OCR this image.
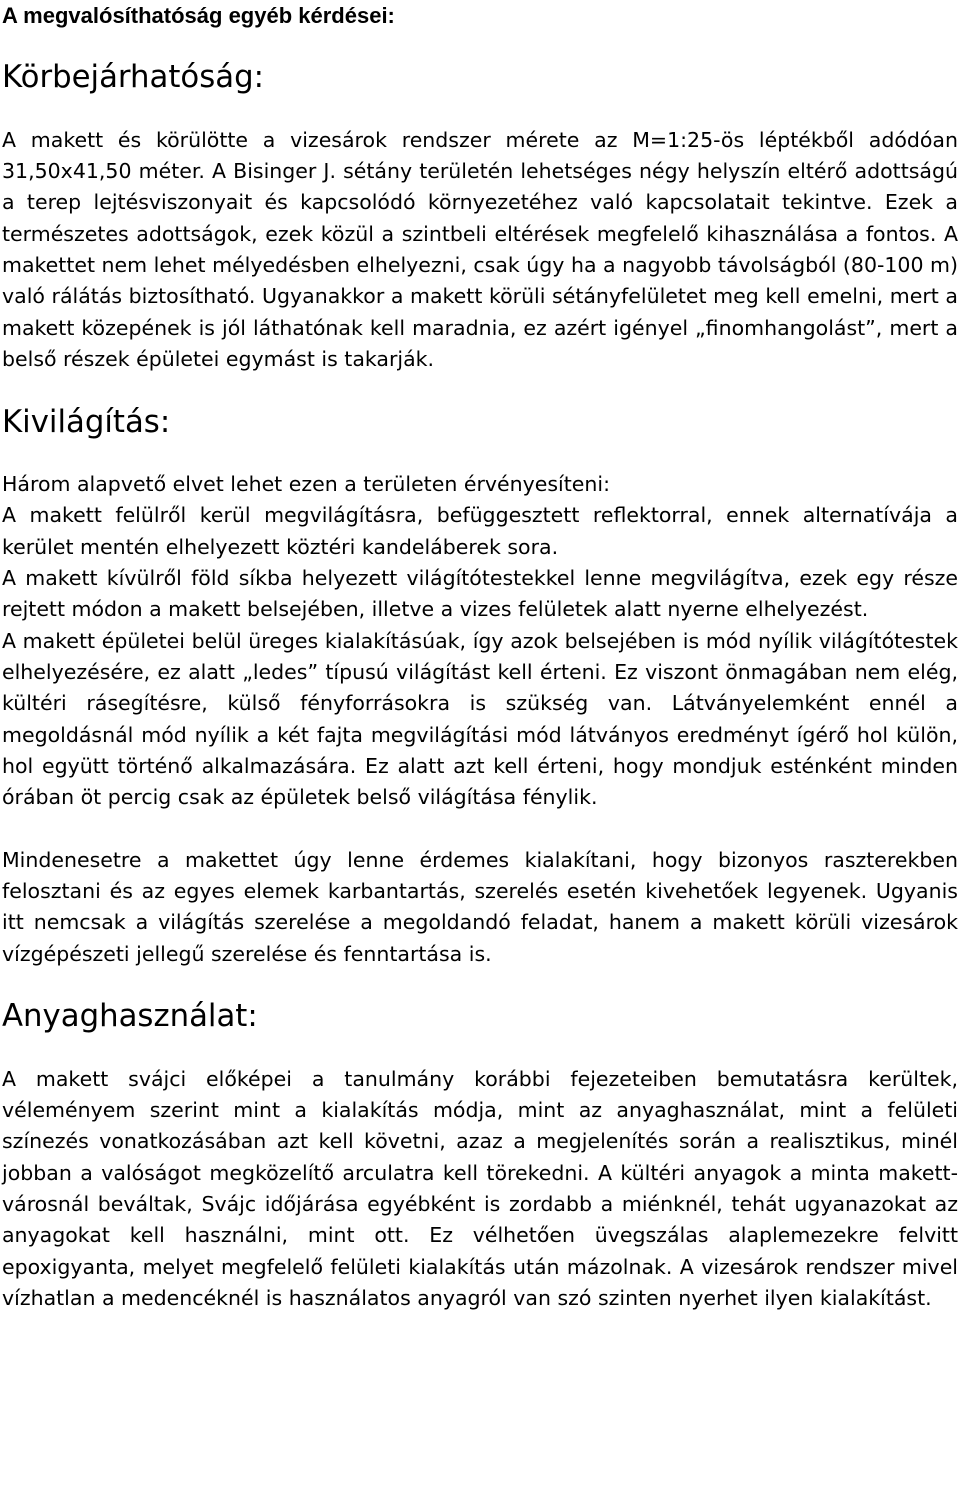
A megvalósíthatóság egyéb kérdései:
Körbejárhatóság:

A makett és körülötte a vizesárok rendszer mérete az M=1:25-ös léptékből adódóan 31,50x41,50 méter. A Bisinger J. sétány területén lehetséges négy helyszín eltérő adottságú a terep lejtésviszonyait és kapcsolódó környezetéhez való kapcsolatait tekintve. Ezek a természetes adottságok, ezek közül a szintbeli eltérések megfelelő kihasználása a fontos. A makettet nem lehet mélyedésben elhelyezni, csak úgy ha a nagyobb távolságból (80-100 m) való rálátás biztosítható. Ugyanakkor a makett körüli sétányfelületet meg kell emelni, mert a makett közepének is jól láthatónak kell maradnia, ez azért igényel „finomhangolást”, mert a belső részek épületei egymást is takarják.

Kivilágítás:

Három alapvető elvet lehet ezen a területen érvényesíteni:

A makett felülről kerül megvilágításra, befüggesztett reflektorral, ennek alternatívája a kerület mentén elhelyezett köztéri kandeláberek sora.

A makett kívülről föld síkba helyezett világítótestekkel lenne megvilágítva, ezek egy része rejtett módon a makett belsejében, illetve a vizes felületek alatt nyerne elhelyezést.

A makett épületei belül üreges kialakításúak, így azok belsejében is mód nyílik világítótestek elhelyezésére, ez alatt „ledes” típusú világítást kell érteni. Ez viszont önmagában nem elég, kültéri rásegítésre, külső fényforrásokra is szükség van. Látványelemként ennél a megoldásnál mód nyílik a két fajta megvilágítási mód látványos eredményt ígérő hol külön, hol együtt történő alkalmazására. Ez alatt azt kell érteni, hogy mondjuk esténként minden órában öt percig csak az épületek belső világítása fénylik.

Mindenesetre a makettet úgy lenne érdemes kialakítani, hogy bizonyos raszterekben felosztani és az egyes elemek karbantartás, szerelés esetén kivehetőek legyenek. Ugyanis itt nemcsak a világítás szerelése a megoldandó feladat, hanem a makett körüli vizesárok vízgépészeti jellegű szerelése és fenntartása is.

Anyaghasználat:

A makett svájci előképei a tanulmány korábbi fejezeteiben bemutatásra kerültek, véleményem szerint mint a kialakítás módja, mint az anyaghasználat, mint a felületi színezés vonatkozásában azt kell követni, azaz a megjelenítés során a realisztikus, minél jobban a valóságot megközelítő arculatra kell törekedni. A kültéri anyagok a minta makett-városnál beváltak, Svájc időjárása egyébként is zordabb a miénknél, tehát ugyanazokat az anyagokat kell használni, mint ott. Ez vélhetően üvegszálas alaplemezekre felvitt epoxigyanta, melyet megfelelő felületi kialakítás után mázolnak. A vizesárok rendszer mivel vízhatlan a medencéknél is használatos anyagról van szó szinten nyerhet ilyen kialakítást.
